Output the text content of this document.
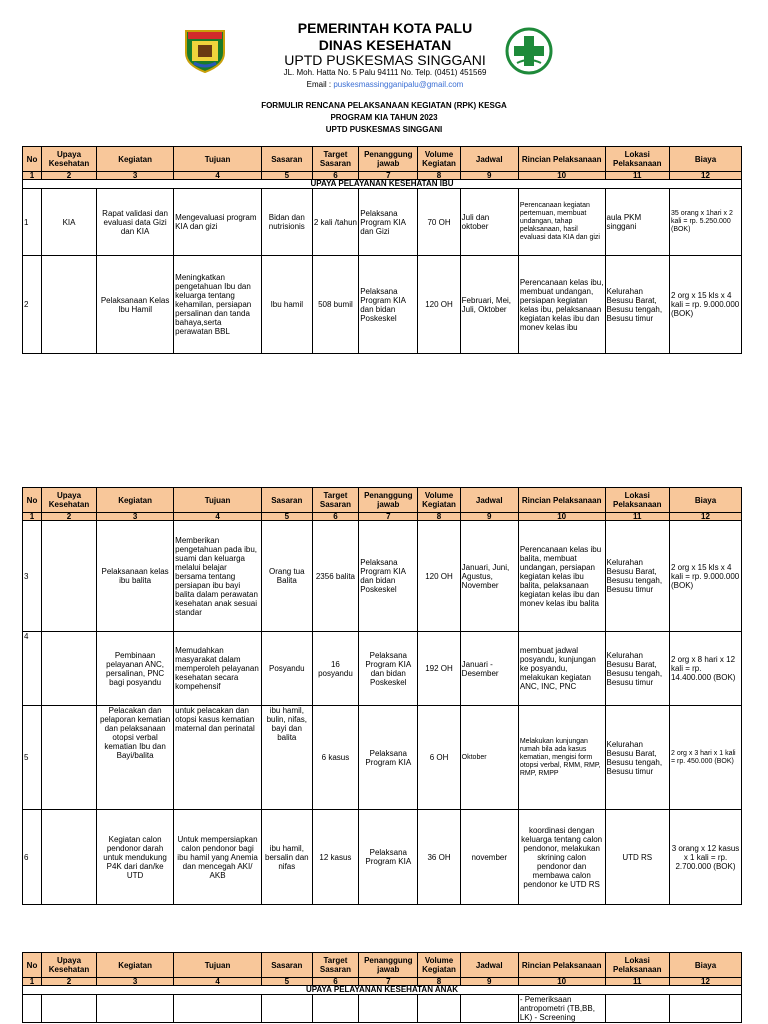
PEMERINTAH KOTA PALU
DINAS KESEHATAN
UPTD PUSKESMAS SINGGANI
JL. Moh. Hatta No. 5 Palu 94111 No. Telp. (0451) 451569
Email : puskesmassingganipalu@gmail.com
FORMULIR RENCANA PELAKSANAAN KEGIATAN (RPK) KESGA
PROGRAM KIA TAHUN 2023
UPTD PUSKESMAS SINGGANI
No	Upaya Kesehatan	Kegiatan	Tujuan	Sasaran	Target Sasaran	Penanggung jawab	Volume Kegiatan	Jadwal	Rincian Pelaksanaan	Lokasi Pelaksanaan	Biaya
1	2	3	4	5	6	7	8	9	10	11	12
UPAYA PELAYANAN KESEHATAN IBU											
1	KIA	Rapat validasi dan evaluasi data Gizi dan KIA	Mengevaluasi program KIA dan gizi	Bidan dan nutrisionis	2 kali /tahun	Pelaksana Program KIA dan Gizi	70 OH	Juli dan oktober	Perencanaan kegiatan pertemuan, membuat undangan, tahap pelaksanaan, hasil evaluasi data KIA dan gizi	aula PKM singgani	35 orang x 1hari x 2 kali = rp. 5.250.000 (BOK)
2		Pelaksanaan Kelas Ibu Hamil	Meningkatkan pengetahuan Ibu dan keluarga tentang kehamilan, persiapan persalinan dan tanda bahaya,serta perawatan BBL	Ibu hamil	508 bumil	Pelaksana Program KIA dan bidan Poskeskel	120 OH	Februari, Mei, Juli, Oktober	Perencanaan kelas ibu, membuat undangan, persiapan kegiatan kelas ibu, pelaksanaan kegiatan kelas ibu dan monev kelas ibu	Kelurahan Besusu Barat, Besusu tengah, Besusu timur	2 org x 15 kls x 4 kali = rp. 9.000.000 (BOK)
No	Upaya Kesehatan	Kegiatan	Tujuan	Sasaran	Target Sasaran	Penanggung jawab	Volume Kegiatan	Jadwal	Rincian Pelaksanaan	Lokasi Pelaksanaan	Biaya
1	2	3	4	5	6	7	8	9	10	11	12
3		Pelaksanaan kelas ibu balita	Memberikan pengetahuan pada ibu, suami dan keluarga melalui belajar bersama tentang persiapan ibu bayi balita dalam perawatan kesehatan anak sesuai standar	Orang tua Balita	2356 balita	Pelaksana Program KIA dan bidan Poskeskel	120 OH	Januari, Juni, Agustus, November	Perencanaan kelas ibu balita, membuat undangan, persiapan kegiatan kelas ibu balita, pelaksanaan kegiatan kelas ibu dan monev kelas ibu balita	Kelurahan Besusu Barat, Besusu tengah, Besusu timur	2 org x 15 kls x 4 kali = rp. 9.000.000 (BOK)
4		Pembinaan pelayanan ANC, persalinan, PNC bagi posyandu	Memudahkan masyarakat dalam memperoleh pelayanan kesehatan secara kompehensif	Posyandu	16 posyandu	Pelaksana Program KIA dan bidan Poskeskel	192 OH	Januari - Desember	membuat jadwal posyandu, kunjungan ke posyandu, melakukan kegiatan ANC, INC, PNC	Kelurahan Besusu Barat, Besusu tengah, Besusu timur	2 org x 8 hari x 12 kali = rp. 14.400.000 (BOK)
5		Pelacakan dan pelaporan kematian dan pelaksanaan otopsi verbal kematian Ibu dan Bayi/balita	untuk pelacakan dan otopsi kasus kematian maternal dan perinatal	ibu hamil, bulin, nifas, bayi dan balita	6 kasus	Pelaksana Program KIA	6 OH	Oktober	Melakukan kunjungan rumah bila ada kasus kematian, mengisi form otopsi verbal, RMM, RMP, RMP, RMPP	Kelurahan Besusu Barat, Besusu tengah, Besusu timur	2 org x 3 hari x 1 kali = rp. 450.000 (BOK)
6		Kegiatan calon pendonor darah untuk mendukung P4K dari dan/ke UTD	Untuk mempersiapkan calon pendonor bagi ibu hamil yang Anemia dan mencegah AKI/ AKB	ibu hamil, bersalin dan nifas	12 kasus	Pelaksana Program KIA	36 OH	november	koordinasi dengan keluarga tentang calon pendonor, melakukan skrining calon pendonor dan membawa calon pendonor ke UTD RS	UTD RS	3 orang x 12 kasus x 1 kali = rp. 2.700.000 (BOK)
No	Upaya Kesehatan	Kegiatan	Tujuan	Sasaran	Target Sasaran	Penanggung jawab	Volume Kegiatan	Jadwal	Rincian Pelaksanaan	Lokasi Pelaksanaan	Biaya
1	2	3	4	5	6	7	8	9	10	11	12
UPAYA PELAYANAN KESEHATAN ANAK											
									- Pemeriksaan antropometri (TB,BB, LK) - Screening		
